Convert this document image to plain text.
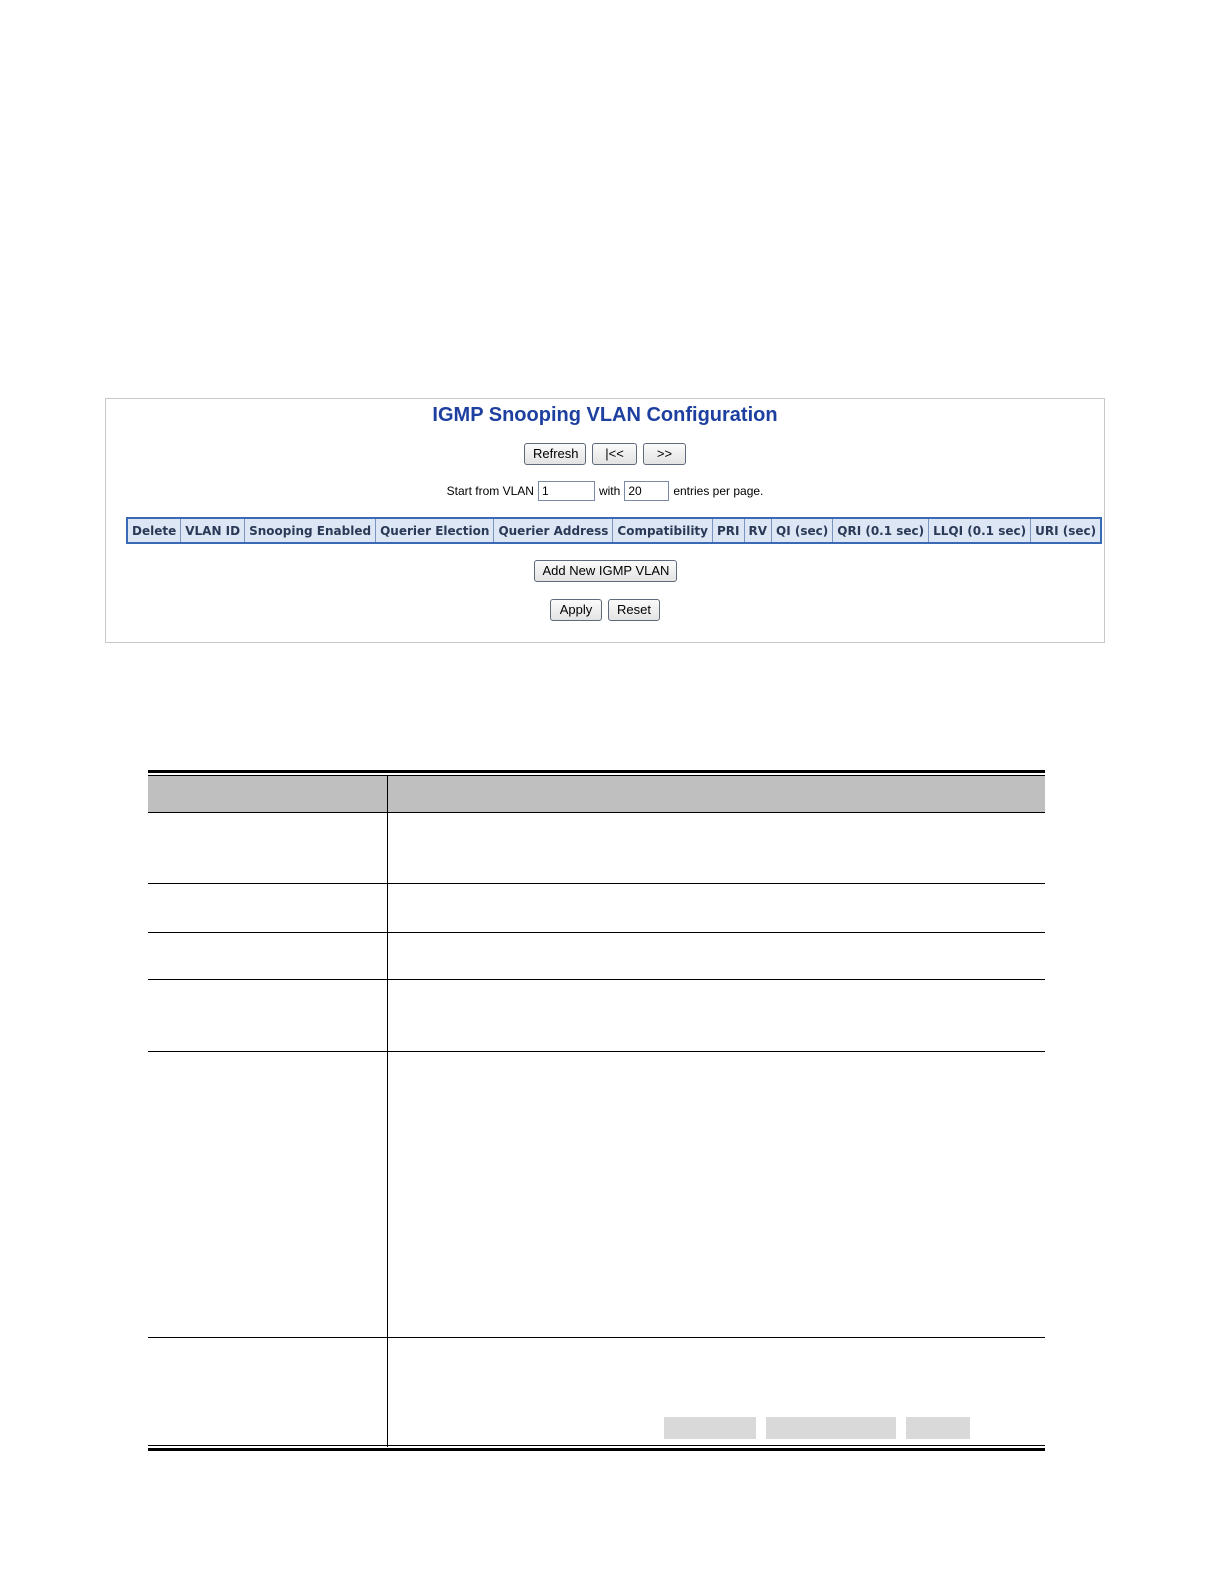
IGMP Snooping VLAN Configuration
Refresh	|<<	>>
Start from VLAN
1	with
20	entries per page.
Delete	VLAN ID	Snooping Enabled	Querier Election	Querier Address	Compatibility	PRI	RV	QI (sec)	QRI (0.1 sec)	LLQI (0.1 sec)	URI (sec)
Add New IGMP VLAN
Apply	Reset
